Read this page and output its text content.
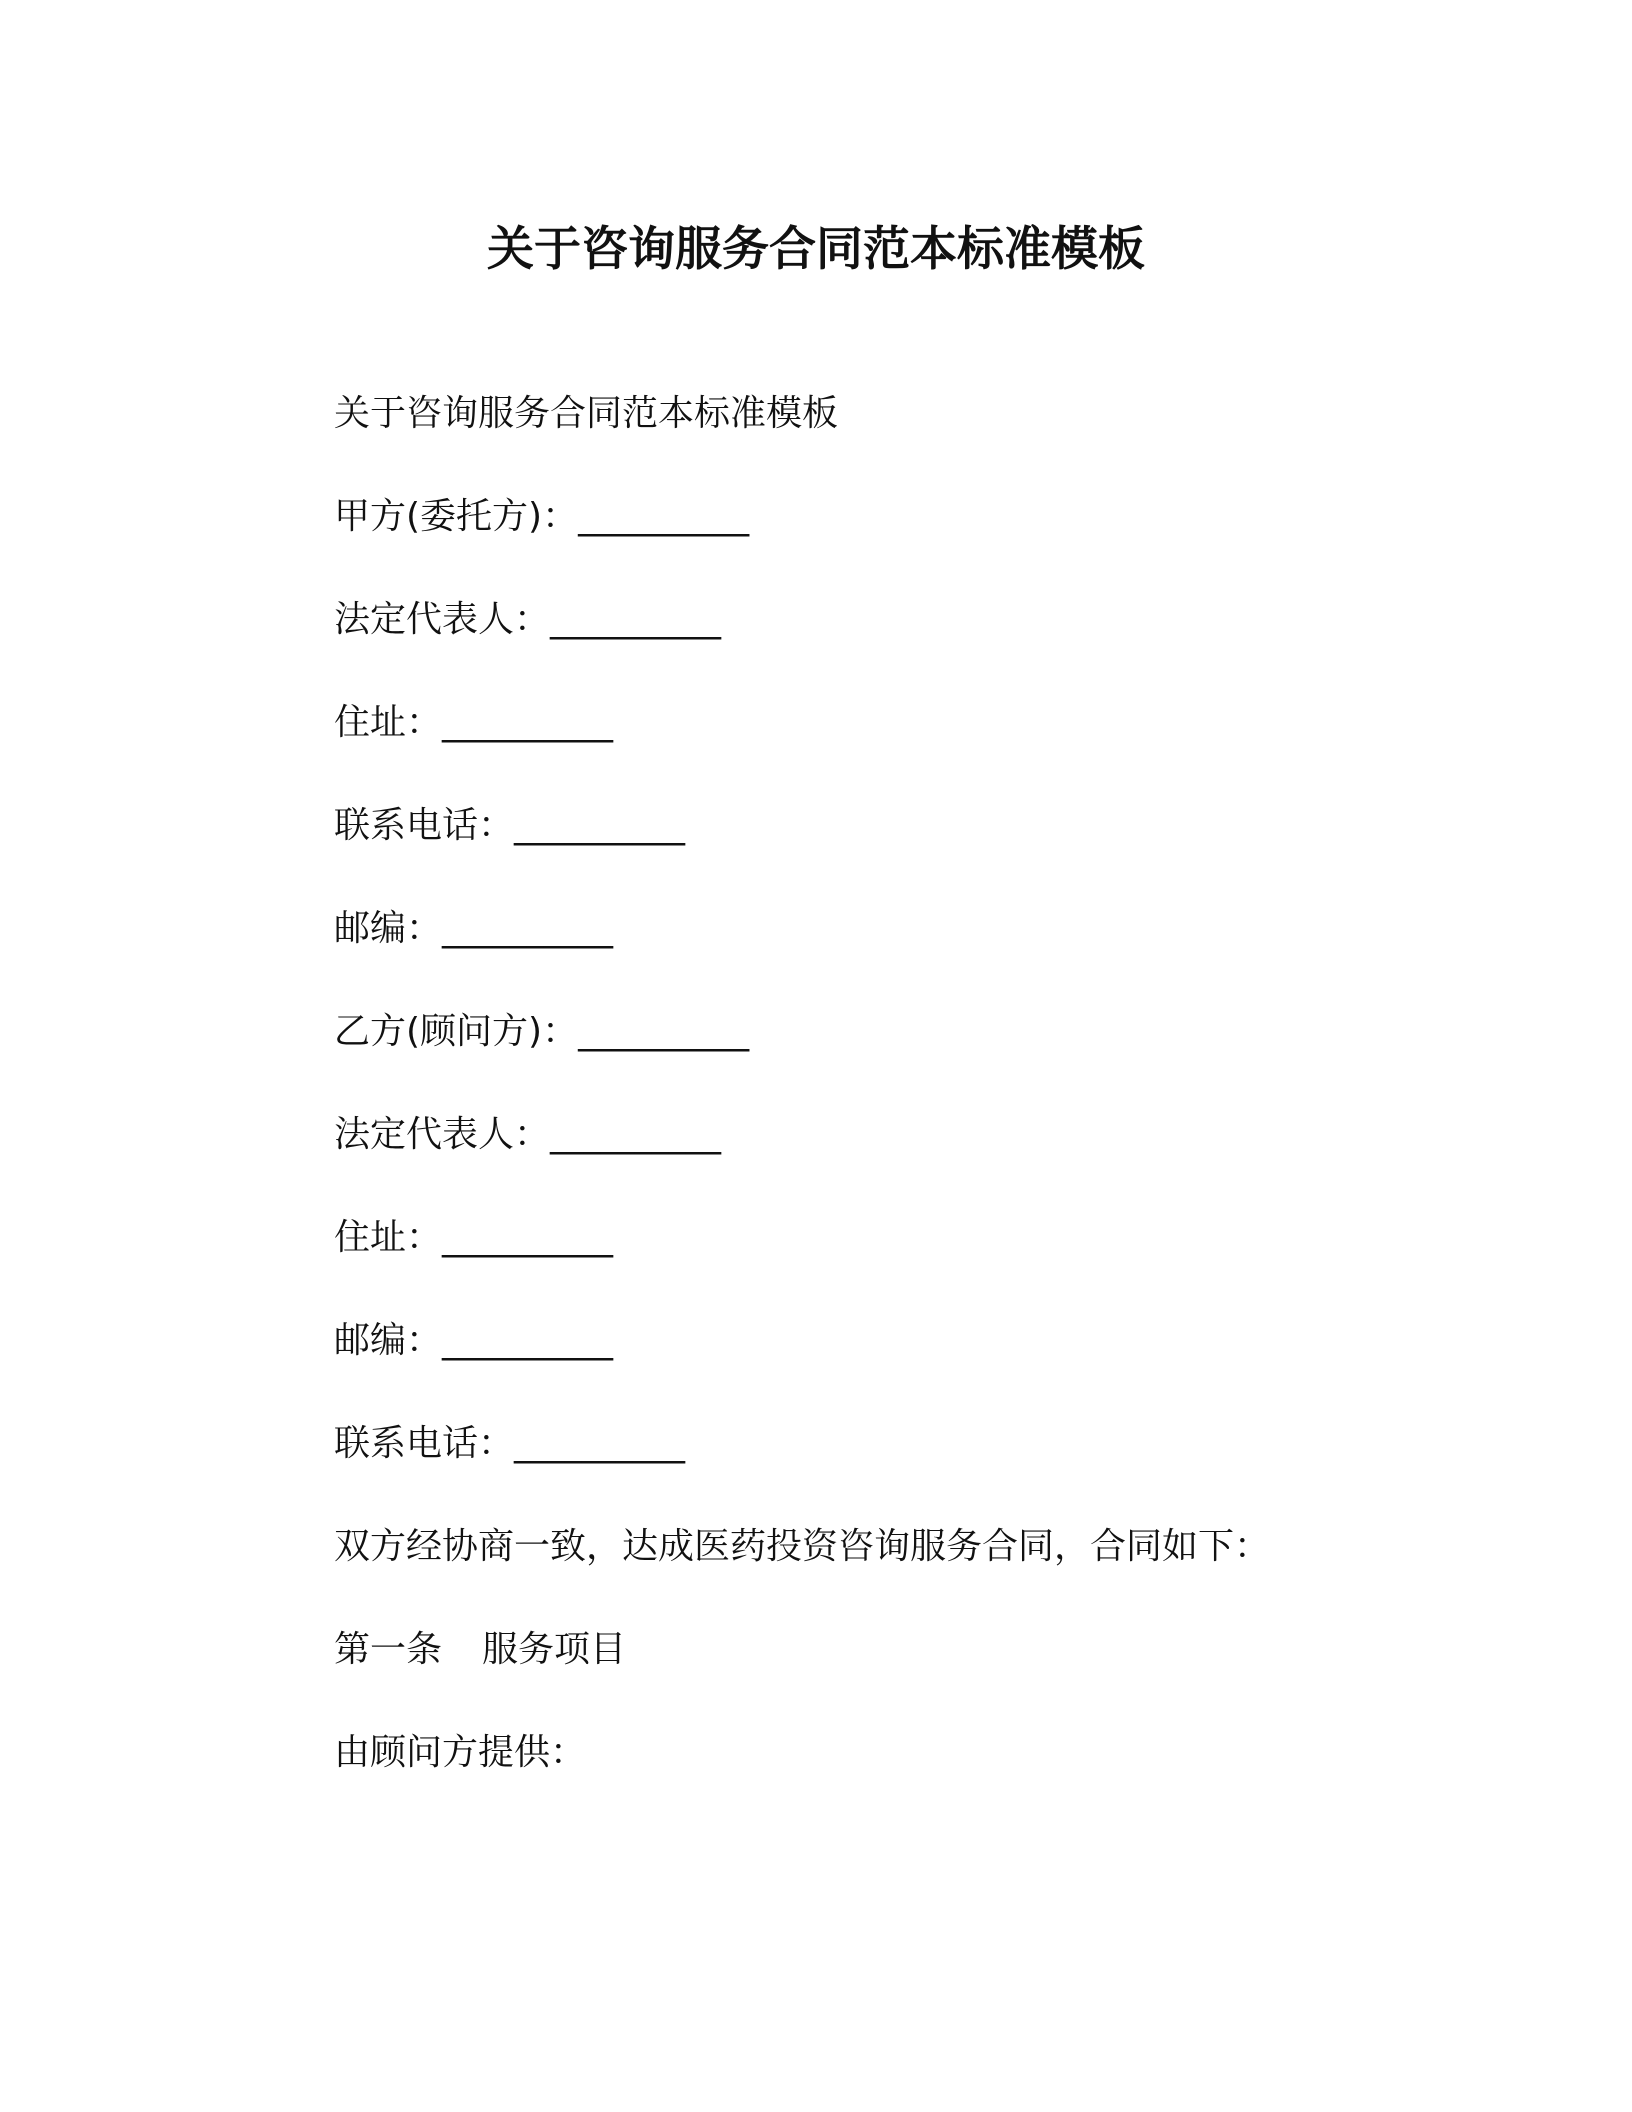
关于咨询服务合同范本标准模板

关于咨询服务合同范本标准模板

甲方(委托方)：__________

法定代表人：__________

住址：__________

联系电话：__________

邮编：__________

乙方(顾问方)：__________

法定代表人：__________

住址：__________

邮编：__________

联系电话：__________

双方经协商一致，达成医药投资咨询服务合同，合同如下：

第一条 服务项目

由顾问方提供：
